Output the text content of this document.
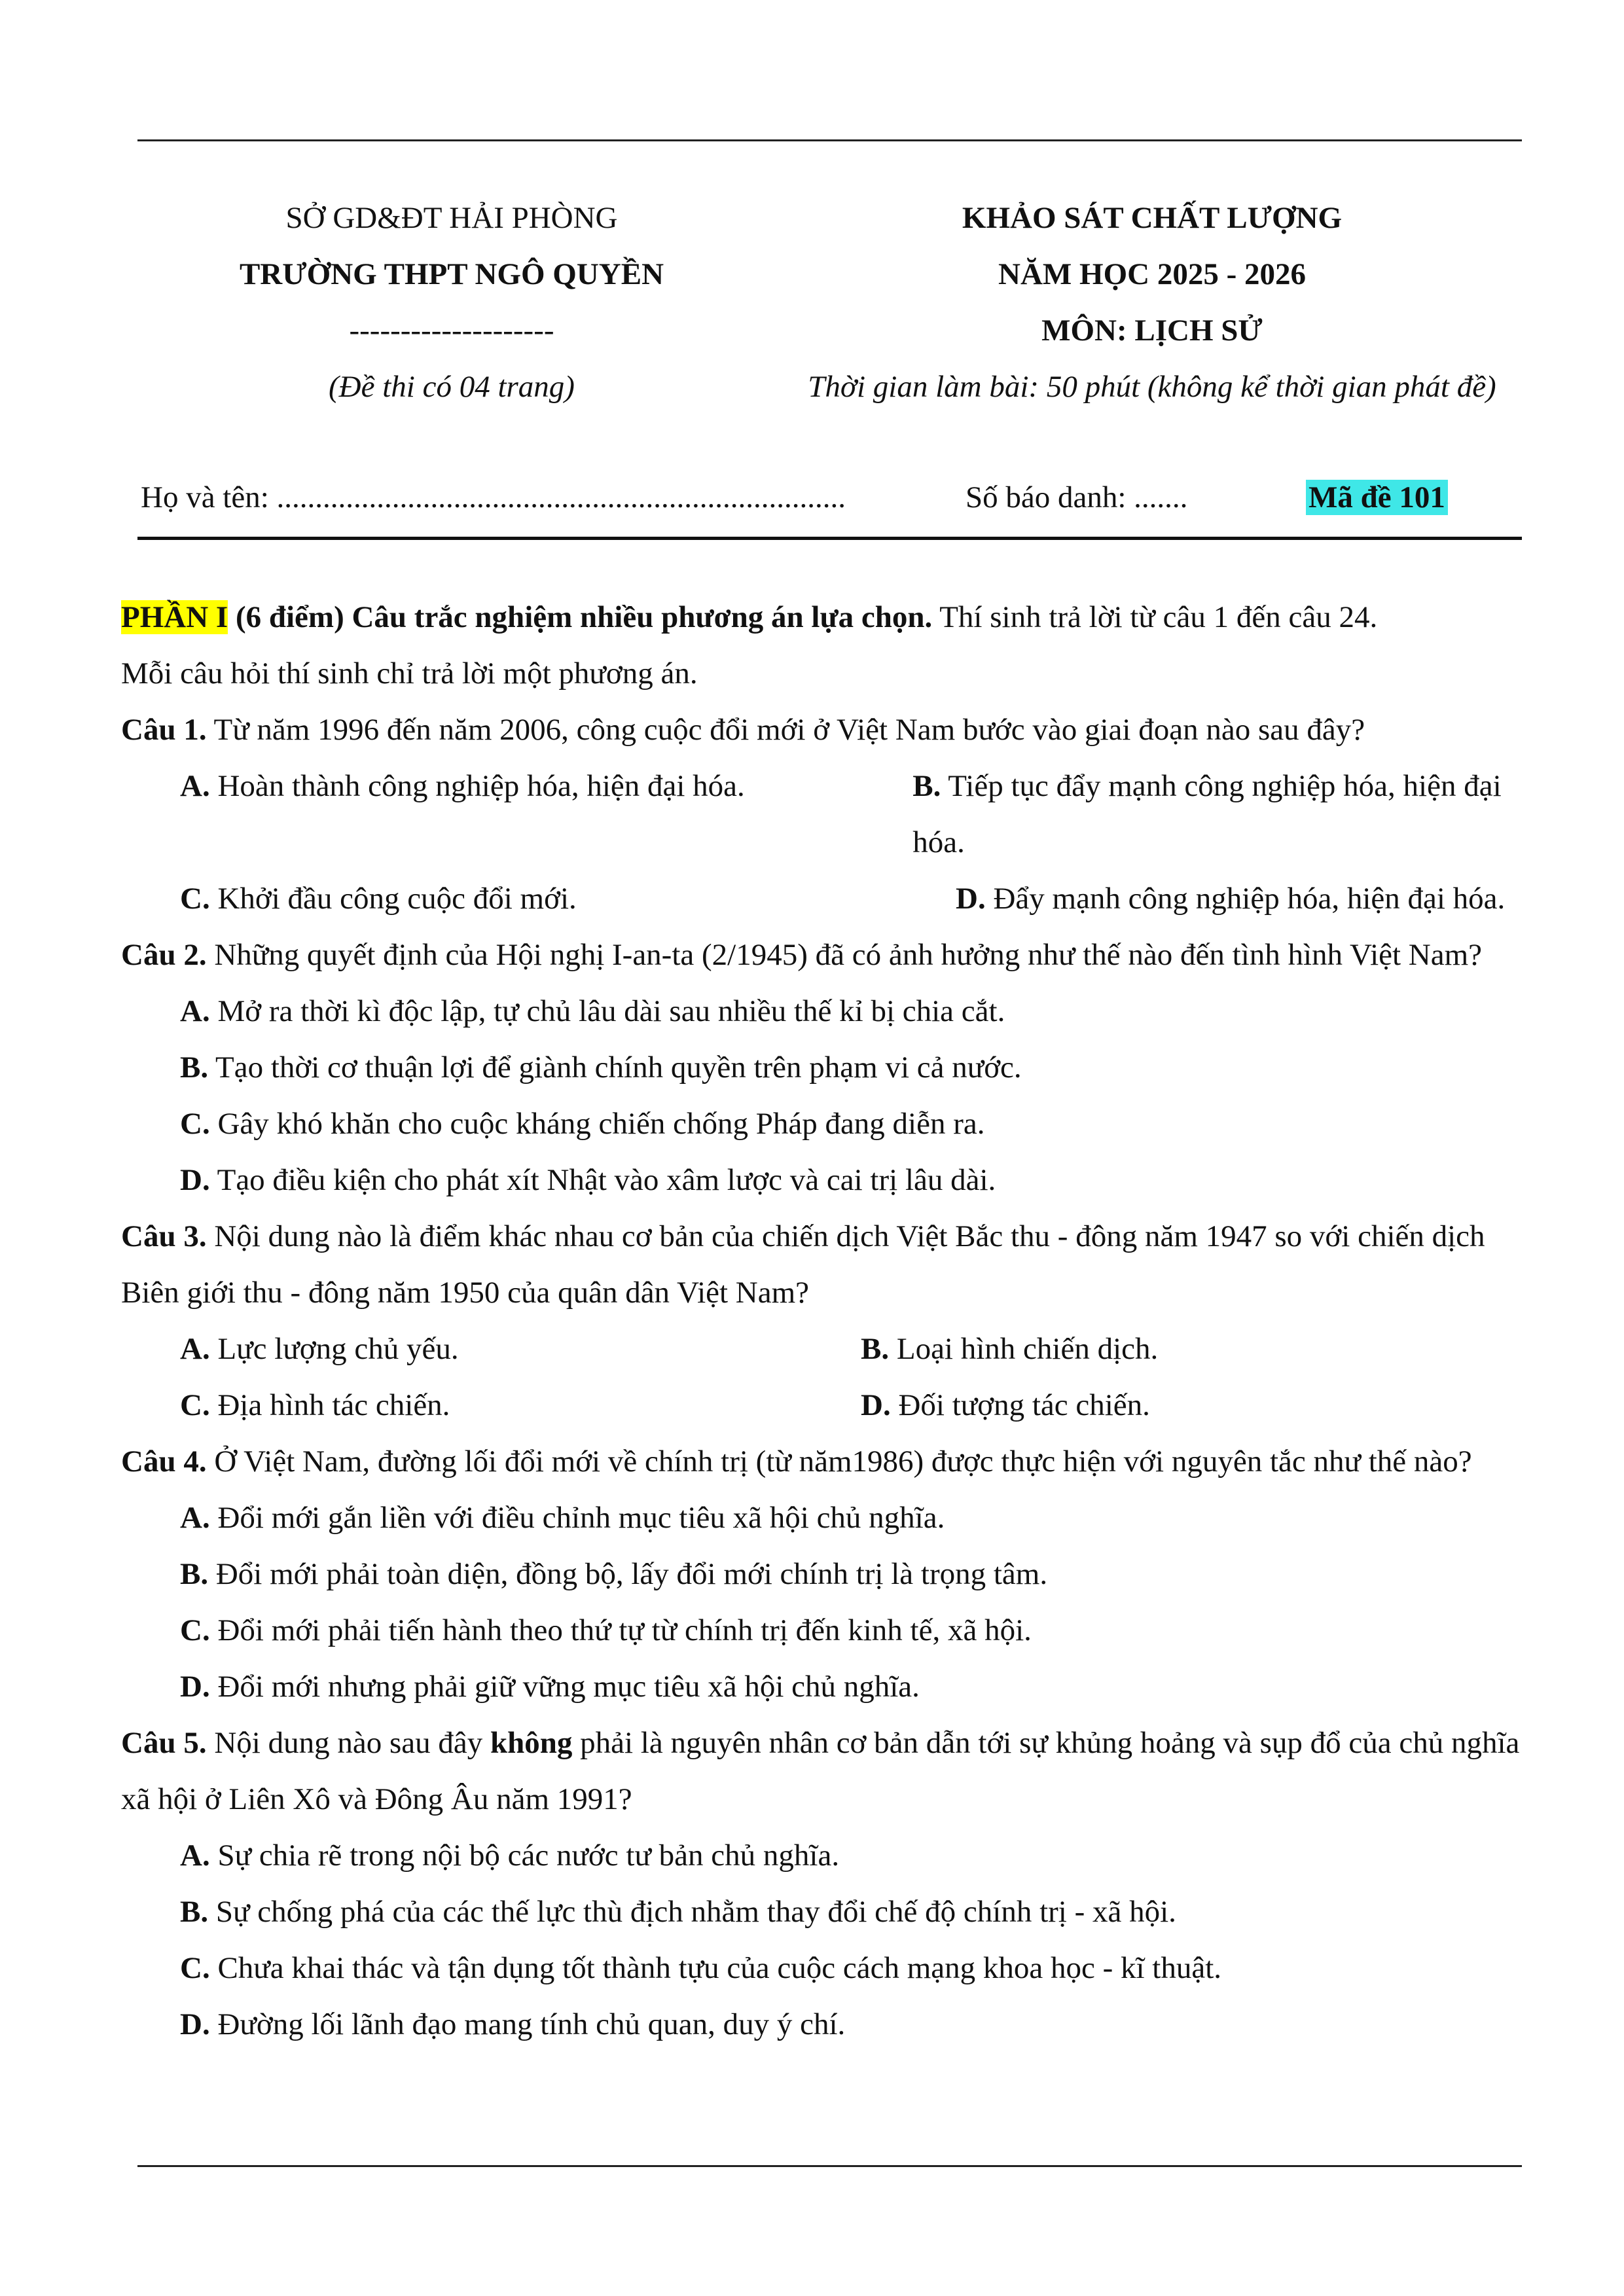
SỞ GD&ĐT HẢI PHÒNG
TRƯỜNG THPT NGÔ QUYỀN
--------------------
(Đề thi có 04 trang)
KHẢO SÁT CHẤT LƯỢNG
NĂM HỌC 2025 - 2026
MÔN: LỊCH SỬ
Thời gian làm bài: 50 phút (không kể thời gian phát đề)
Họ và tên: ..........................................................................	Số báo danh: .......	Mã đề 101

PHẦN I (6 điểm) Câu trắc nghiệm nhiều phương án lựa chọn. Thí sinh trả lời từ câu 1 đến câu 24.

Mỗi câu hỏi thí sinh chỉ trả lời một phương án.

Câu 1. Từ năm 1996 đến năm 2006, công cuộc đổi mới ở Việt Nam bước vào giai đoạn nào sau đây?

A. Hoàn thành công nghiệp hóa, hiện đại hóa.	B. Tiếp tục đẩy mạnh công nghiệp hóa, hiện đại hóa.
C. Khởi đầu công cuộc đổi mới.	D. Đẩy mạnh công nghiệp hóa, hiện đại hóa.

Câu 2. Những quyết định của Hội nghị I-an-ta (2/1945) đã có ảnh hưởng như thế nào đến tình hình Việt Nam?

A. Mở ra thời kì độc lập, tự chủ lâu dài sau nhiều thế kỉ bị chia cắt.

B. Tạo thời cơ thuận lợi để giành chính quyền trên phạm vi cả nước.

C. Gây khó khăn cho cuộc kháng chiến chống Pháp đang diễn ra.

D. Tạo điều kiện cho phát xít Nhật vào xâm lược và cai trị lâu dài.

Câu 3. Nội dung nào là điểm khác nhau cơ bản của chiến dịch Việt Bắc thu - đông năm 1947 so với chiến dịch Biên giới thu - đông năm 1950 của quân dân Việt Nam?

A. Lực lượng chủ yếu.	B. Loại hình chiến dịch.
C. Địa hình tác chiến.	D. Đối tượng tác chiến.

Câu 4. Ở Việt Nam, đường lối đổi mới về chính trị (từ năm1986) được thực hiện với nguyên tắc như thế nào?

A. Đổi mới gắn liền với điều chỉnh mục tiêu xã hội chủ nghĩa.

B. Đổi mới phải toàn diện, đồng bộ, lấy đổi mới chính trị là trọng tâm.

C. Đổi mới phải tiến hành theo thứ tự từ chính trị đến kinh tế, xã hội.

D. Đổi mới nhưng phải giữ vững mục tiêu xã hội chủ nghĩa.

Câu 5. Nội dung nào sau đây không phải là nguyên nhân cơ bản dẫn tới sự khủng hoảng và sụp đổ của chủ nghĩa xã hội ở Liên Xô và Đông Âu năm 1991?

A. Sự chia rẽ trong nội bộ các nước tư bản chủ nghĩa.

B. Sự chống phá của các thế lực thù địch nhằm thay đổi chế độ chính trị - xã hội.

C. Chưa khai thác và tận dụng tốt thành tựu của cuộc cách mạng khoa học - kĩ thuật.

D. Đường lối lãnh đạo mang tính chủ quan, duy ý chí.
